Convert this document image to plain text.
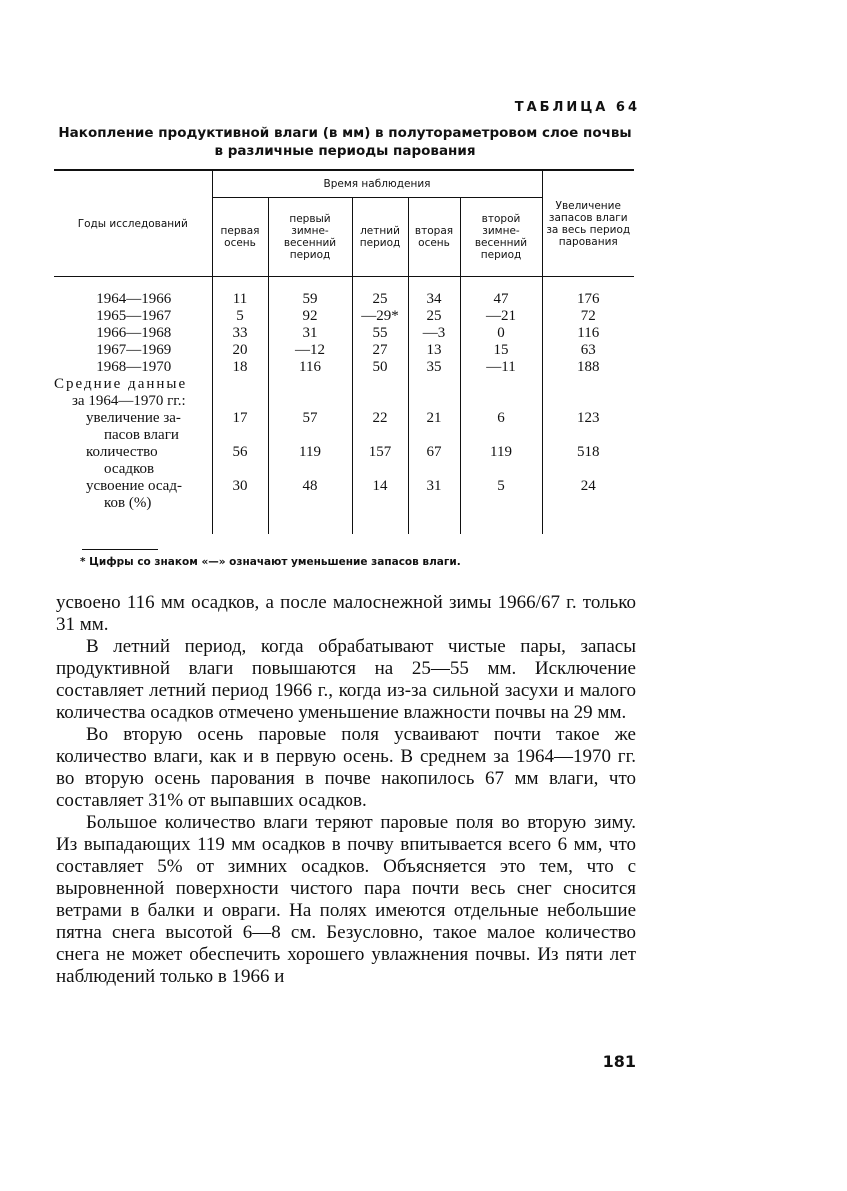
ТАБЛИЦА 64
Накопление продуктивной влаги (в мм) в полутораметровом слое почвы в различные периоды парования
Годы исследований	Время наблюдения					Увеличение запасов влаги за весь период парования
	первая осень	первый зимне-весенний период	летний период	вторая осень	второй зимне-весенний период	

1964—1966	11	59	25	34	47	176
1965—1967	5	92	—29*	25	—21	72
1966—1968	33	31	55	—3	0	116
1967—1969	20	—12	27	13	15	63
1968—1970	18	116	50	35	—11	188
Средние данные						
за 1964—1970 гг.:						
увеличение за-	17	57	22	21	6	123
пасов влаги						
количество	56	119	157	67	119	518
осадков						
усвоение осад-	30	48	14	31	5	24
ков (%)						

* Цифры со знаком «—» означают уменьшение запасов влаги.

усвоено 116 мм осадков, а после малоснежной зимы 1966/67 г. только 31 мм.

В летний период, когда обрабатывают чистые пары, запасы продуктивной влаги повышаются на 25—55 мм. Исключение составляет летний период 1966 г., когда из-за сильной засухи и малого количества осадков отмечено уменьшение влажности почвы на 29 мм.

Во вторую осень паровые поля усваивают почти такое же количество влаги, как и в первую осень. В среднем за 1964—1970 гг. во вторую осень парования в почве накопилось 67 мм влаги, что составляет 31% от выпавших осадков.

Большое количество влаги теряют паровые поля во вторую зиму. Из выпадающих 119 мм осадков в почву впитывается всего 6 мм, что составляет 5% от зимних осадков. Объясняется это тем, что с выровненной поверхности чистого пара почти весь снег сносится ветрами в балки и овраги. На полях имеются отдельные небольшие пятна снега высотой 6—8 см. Безусловно, такое малое количество снега не может обеспечить хорошего увлажнения почвы. Из пяти лет наблюдений только в 1966 и

181
